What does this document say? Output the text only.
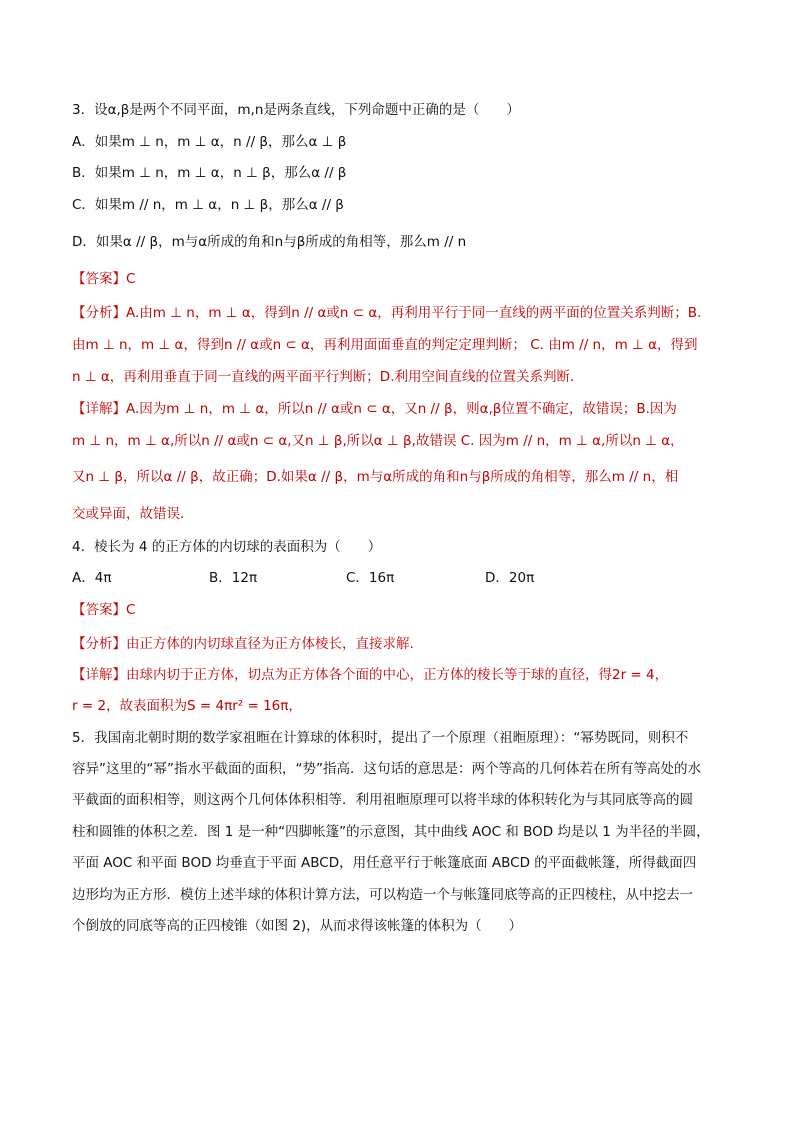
3．设α,β是两个不同平面，m,n是两条直线，下列命题中正确的是（　　）
A．如果m ⊥ n，m ⊥ α，n // β，那么α ⊥ β
B．如果m ⊥ n，m ⊥ α，n ⊥ β，那么α // β
C．如果m // n，m ⊥ α，n ⊥ β，那么α // β
D．如果α // β，m与α所成的角和n与β所成的角相等，那么m // n
【答案】C
【分析】A.由m ⊥ n，m ⊥ α，得到n // α或n ⊂ α，再利用平行于同一直线的两平面的位置关系判断；B.
由m ⊥ n，m ⊥ α，得到n // α或n ⊂ α，再利用面面垂直的判定定理判断； C. 由m // n，m ⊥ α，得到
n ⊥ α，再利用垂直于同一直线的两平面平行判断；D.利用空间直线的位置关系判断．
【详解】A.因为m ⊥ n，m ⊥ α，所以n // α或n ⊂ α，又n // β，则α,β位置不确定，故错误；B.因为
m ⊥ n，m ⊥ α,所以n // α或n ⊂ α,又n ⊥ β,所以α ⊥ β,故错误 C. 因为m // n，m ⊥ α,所以n ⊥ α，
又n ⊥ β，所以α // β，故正确；D.如果α // β，m与α所成的角和n与β所成的角相等，那么m // n，相
交或异面，故错误．
4．棱长为 4 的正方体的内切球的表面积为（　　）
A．4π	B．12π	C．16π	D．20π
【答案】C
【分析】由正方体的内切球直径为正方体棱长，直接求解.
【详解】由球内切于正方体，切点为正方体各个面的中心，正方体的棱长等于球的直径，得2r = 4，
r = 2，故表面积为S = 4πr² = 16π，
5．我国南北朝时期的数学家祖暅在计算球的体积时，提出了一个原理（祖暅原理）：“幂势既同，则积不
容异”这里的“幂”指水平截面的面积，“势”指高．这句话的意思是：两个等高的几何体若在所有等高处的水
平截面的面积相等，则这两个几何体体积相等．利用祖暅原理可以将半球的体积转化为与其同底等高的圆
柱和圆锥的体积之差．图 1 是一种“四脚帐篷”的示意图，其中曲线 AOC 和 BOD 均是以 1 为半径的半圆，
平面 AOC 和平面 BOD 均垂直于平面 ABCD，用任意平行于帐篷底面 ABCD 的平面截帐篷，所得截面四
边形均为正方形．模仿上述半球的体积计算方法，可以构造一个与帐篷同底等高的正四棱柱，从中挖去一
个倒放的同底等高的正四棱锥（如图 2)，从而求得该帐篷的体积为（　　）
